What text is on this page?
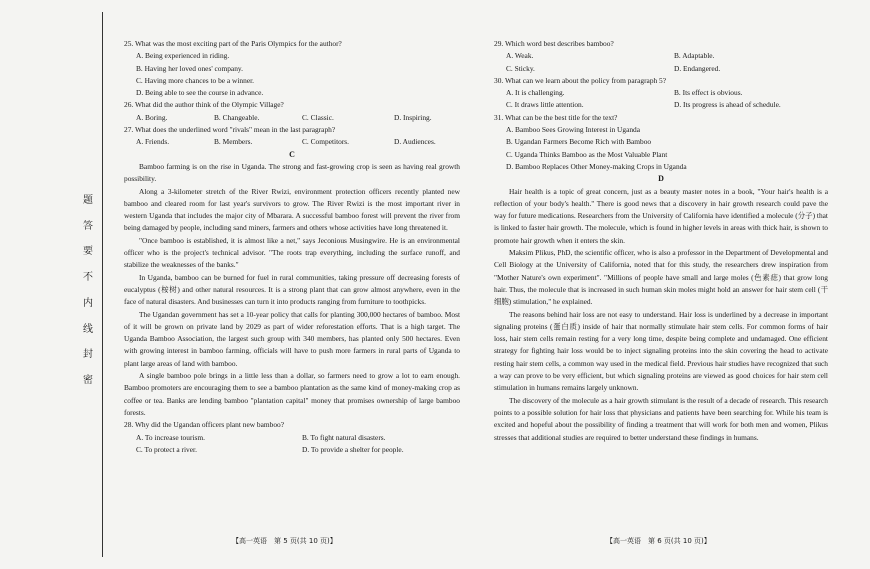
题
答
要
不
内
线
封
密
25. What was the most exciting part of the Paris Olympics for the author?
A. Being experienced in riding.
B. Having her loved ones' company.
C. Having more chances to be a winner.
D. Being able to see the course in advance.
26. What did the author think of the Olympic Village?
A. Boring.	B. Changeable.	C. Classic.	D. Inspiring.
27. What does the underlined word "rivals" mean in the last paragraph?
A. Friends.	B. Members.	C. Competitors.	D. Audiences.
C
Bamboo farming is on the rise in Uganda. The strong and fast-growing crop is seen as having real growth possibility.
Along a 3-kilometer stretch of the River Rwizi, environment protection officers recently planted new bamboo and cleared room for last year's survivors to grow. The River Rwizi is the most important river in western Uganda that includes the major city of Mbarara. A successful bamboo forest will prevent the river from being damaged by people, including sand miners, farmers and others whose activities have long threatened it.
"Once bamboo is established, it is almost like a net," says Jeconious Musingwire. He is an environmental officer who is the project's technical advisor. "The roots trap everything, including the surface runoff, and stabilize the weaknesses of the banks."
In Uganda, bamboo can be burned for fuel in rural communities, taking pressure off decreasing forests of eucalyptus (桉树) and other natural resources. It is a strong plant that can grow almost anywhere, even in the face of natural disasters. And businesses can turn it into products ranging from furniture to toothpicks.
The Ugandan government has set a 10-year policy that calls for planting 300,000 hectares of bamboo. Most of it will be grown on private land by 2029 as part of wider reforestation efforts. That is a high target. The Uganda Bamboo Association, the largest such group with 340 members, has planted only 500 hectares. Even with growing interest in bamboo farming, officials will have to push more farmers in rural parts of Uganda to plant large areas of land with bamboo.
A single bamboo pole brings in a little less than a dollar, so farmers need to grow a lot to earn enough. Bamboo promoters are encouraging them to see a bamboo plantation as the same kind of money-making crop as coffee or tea. Banks are lending bamboo "plantation capital" money that promises ownership of large bamboo forests.
28. Why did the Ugandan officers plant new bamboo?
A. To increase tourism.	B. To fight natural disasters.
C. To protect a river.	D. To provide a shelter for people.
29. Which word best describes bamboo?
A. Weak.	B. Adaptable.
C. Sticky.	D. Endangered.
30. What can we learn about the policy from paragraph 5?
A. It is challenging.	B. Its effect is obvious.
C. It draws little attention.	D. Its progress is ahead of schedule.
31. What can be the best title for the text?
A. Bamboo Sees Growing Interest in Uganda
B. Ugandan Farmers Become Rich with Bamboo
C. Uganda Thinks Bamboo as the Most Valuable Plant
D. Bamboo Replaces Other Money-making Crops in Uganda
D
Hair health is a topic of great concern, just as a beauty master notes in a book, "Your hair's health is a reflection of your body's health." There is good news that a discovery in hair growth research could pave the way for future medications. Researchers from the University of California have identified a molecule (分子) that is linked to faster hair growth. The molecule, which is found in higher levels in areas with thick hair, is shown to promote hair growth when it enters the skin.
Maksim Plikus, PhD, the scientific officer, who is also a professor in the Department of Developmental and Cell Biology at the University of California, noted that for this study, the researchers drew inspiration from "Mother Nature's own experiment". "Millions of people have small and large moles (色素痣) that grow long hair. Thus, the molecule that is increased in such human skin moles might hold an answer for hair stem cell (干细胞) stimulation," he explained.
The reasons behind hair loss are not easy to understand. Hair loss is underlined by a decrease in important signaling proteins (蛋白质) inside of hair that normally stimulate hair stem cells. For common forms of hair loss, hair stem cells remain resting for a very long time, despite being complete and undamaged. One efficient strategy for fighting hair loss would be to inject signaling proteins into the skin covering the head to activate resting hair stem cells, a common way used in the medical field. Previous hair studies have recognized that such a way can prove to be very efficient, but which signaling proteins are viewed as good choices for hair stem cell stimulation in humans remains largely unknown.
The discovery of the molecule as a hair growth stimulant is the result of a decade of research. This research points to a possible solution for hair loss that physicians and patients have been searching for. While his team is excited and hopeful about the possibility of finding a treatment that will work for both men and women, Plikus stresses that additional studies are required to better understand these findings in humans.
【高一英语　第 5 页(共 10 页)】	【高一英语　第 6 页(共 10 页)】
